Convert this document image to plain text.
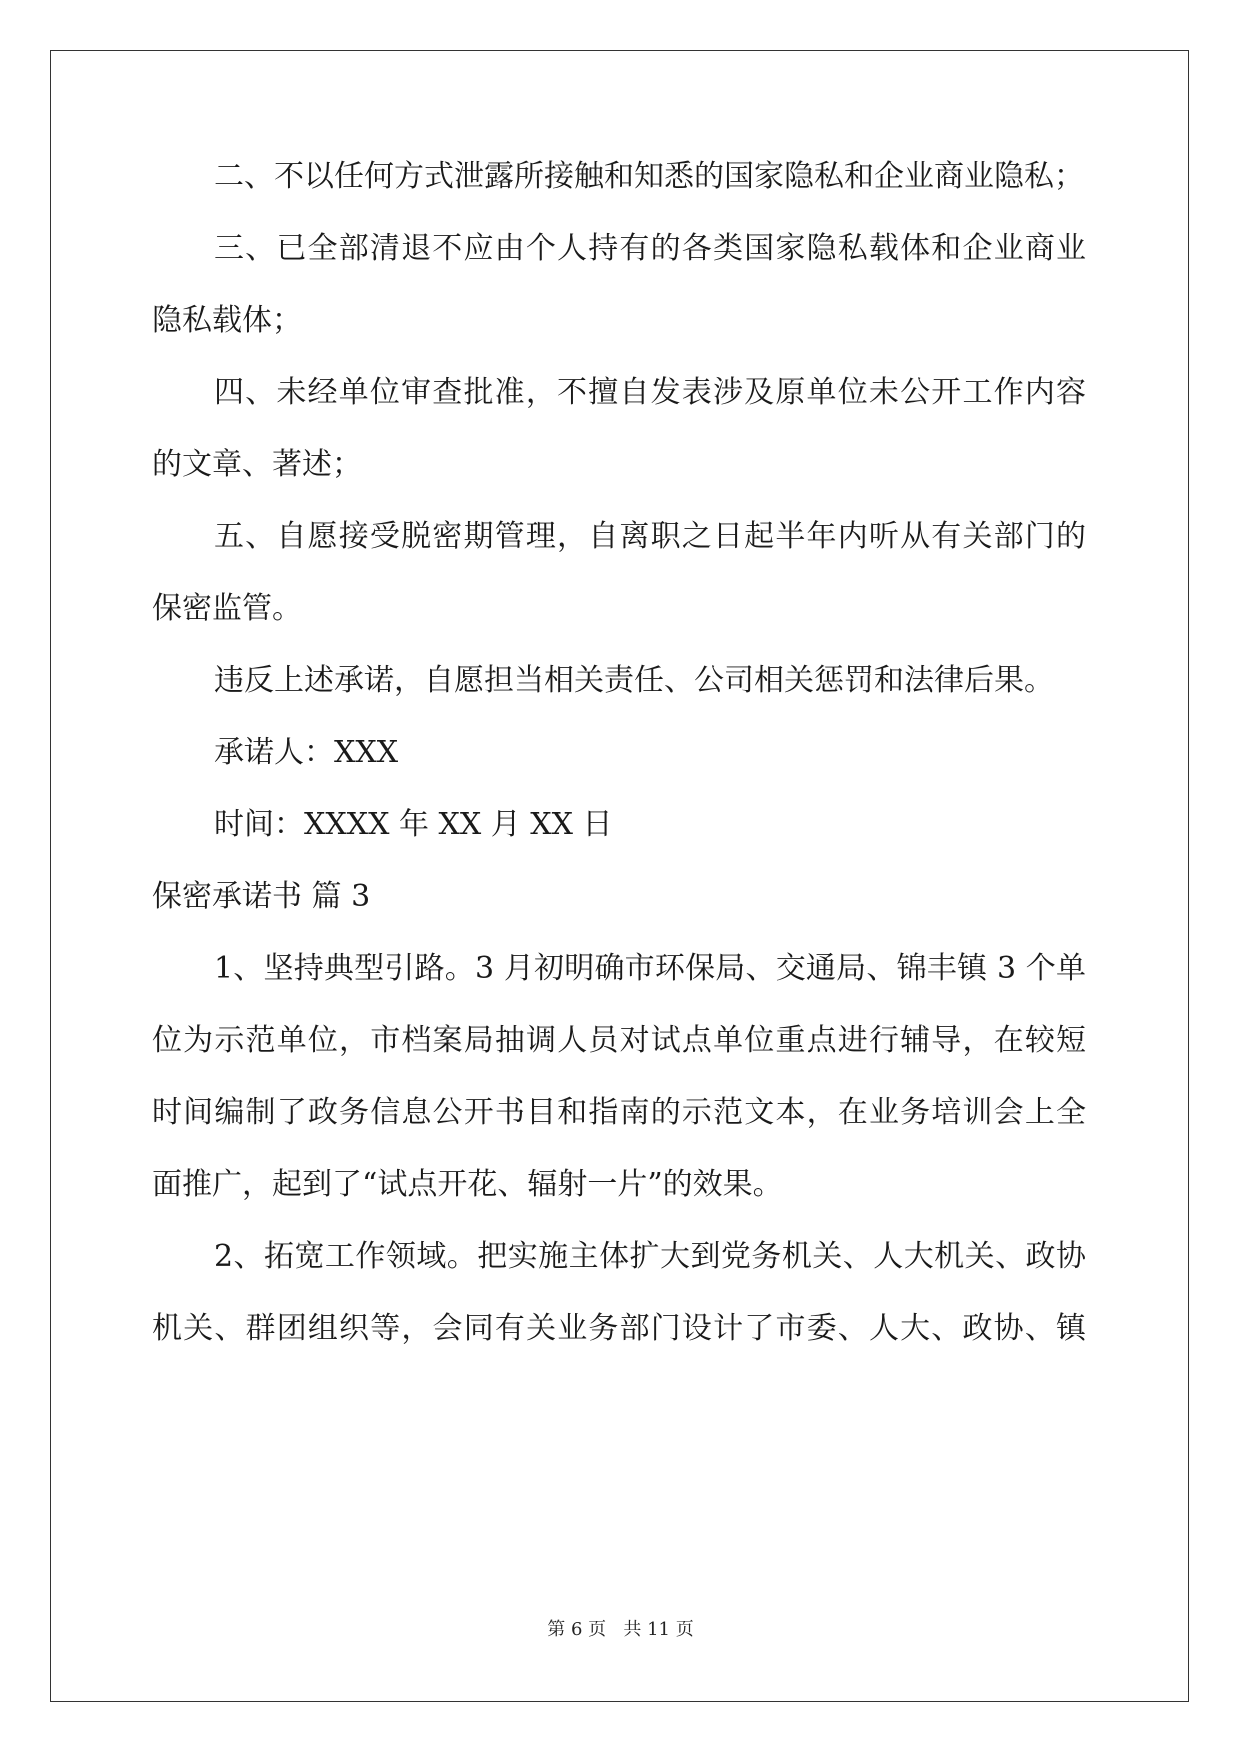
二、不以任何方式泄露所接触和知悉的国家隐私和企业商业隐私；
三、已全部清退不应由个人持有的各类国家隐私载体和企业商业
隐私载体；
四、未经单位审查批准，不擅自发表涉及原单位未公开工作内容
的文章、著述；
五、自愿接受脱密期管理，自离职之日起半年内听从有关部门的
保密监管。
违反上述承诺，自愿担当相关责任、公司相关惩罚和法律后果。
承诺人：XXX
时间：XXXX 年 XX 月 XX 日
保密承诺书 篇 3
1、坚持典型引路。3 月初明确市环保局、交通局、锦丰镇 3 个单
位为示范单位，市档案局抽调人员对试点单位重点进行辅导，在较短
时间编制了政务信息公开书目和指南的示范文本，在业务培训会上全
面推广，起到了“试点开花、辐射一片”的效果。
2、拓宽工作领域。把实施主体扩大到党务机关、人大机关、政协
机关、群团组织等，会同有关业务部门设计了市委、人大、政协、镇
第 6 页   共 11 页
